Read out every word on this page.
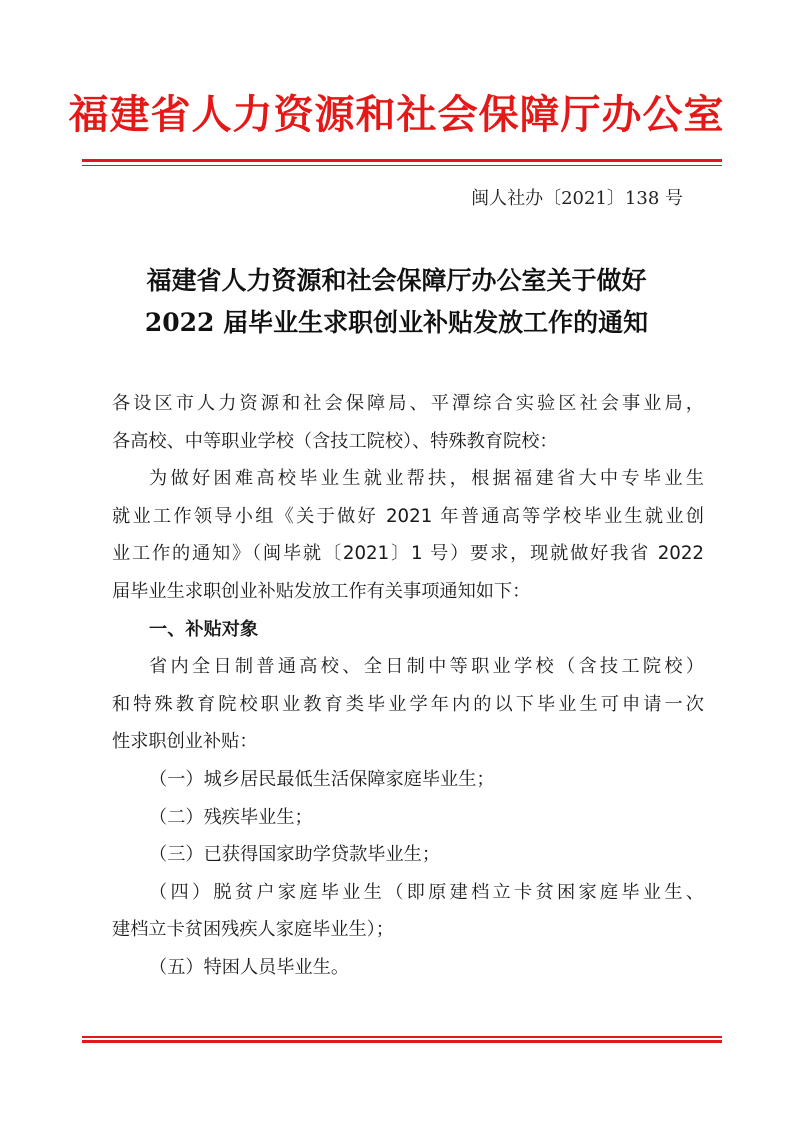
福建省人力资源和社会保障厅办公室
闽人社办〔2021〕138 号
福建省人力资源和社会保障厅办公室关于做好
2022 届毕业生求职创业补贴发放工作的通知
各设区市人力资源和社会保障局、平潭综合实验区社会事业局，
各高校、中等职业学校（含技工院校）、特殊教育院校：
为做好困难高校毕业生就业帮扶，根据福建省大中专毕业生
就业工作领导小组《关于做好 2021 年普通高等学校毕业生就业创
业工作的通知》（闽毕就〔2021〕1 号）要求，现就做好我省 2022
届毕业生求职创业补贴发放工作有关事项通知如下：
一、补贴对象
省内全日制普通高校、全日制中等职业学校（含技工院校）
和特殊教育院校职业教育类毕业学年内的以下毕业生可申请一次
性求职创业补贴：
（一）城乡居民最低生活保障家庭毕业生；
（二）残疾毕业生；
（三）已获得国家助学贷款毕业生；
（四）脱贫户家庭毕业生（即原建档立卡贫困家庭毕业生、
建档立卡贫困残疾人家庭毕业生）；
（五）特困人员毕业生。
